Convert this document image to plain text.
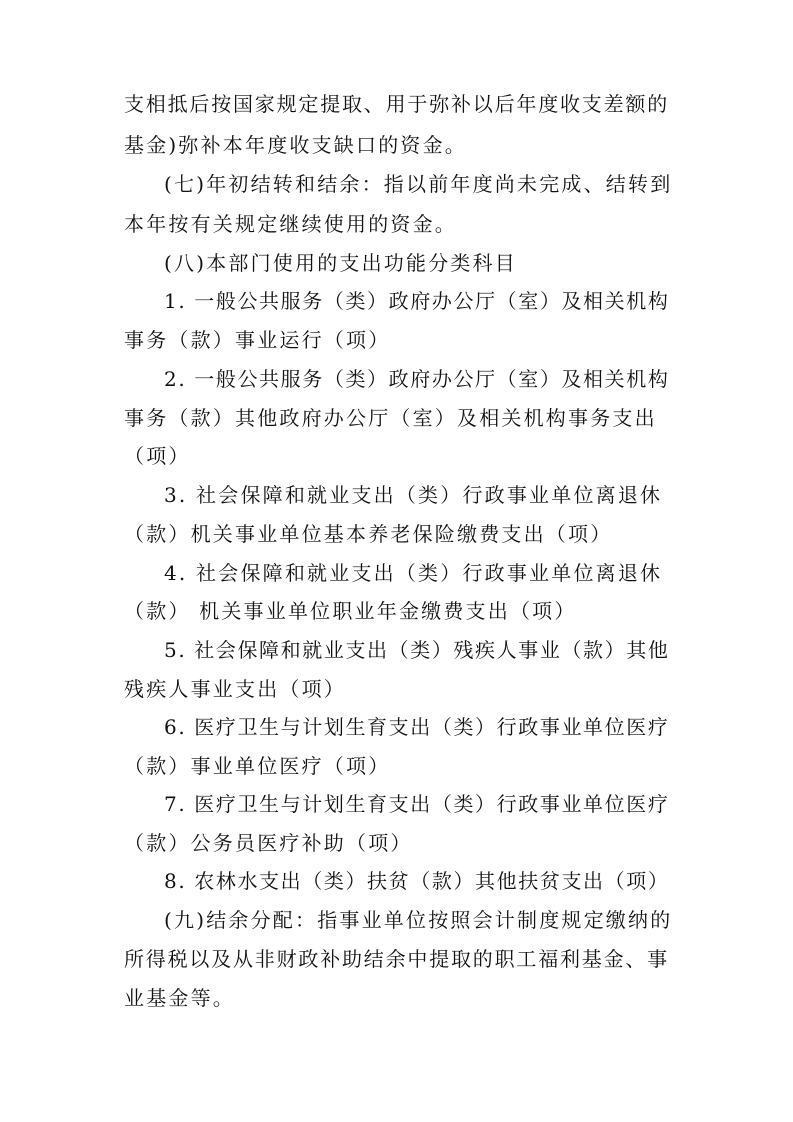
支相抵后按国家规定提取、用于弥补以后年度收支差额的
基金)弥补本年度收支缺口的资金。
(七)年初结转和结余：指以前年度尚未完成、结转到
本年按有关规定继续使用的资金。
(八)本部门使用的支出功能分类科目
1. 一般公共服务（类）政府办公厅（室）及相关机构
事务（款）事业运行（项）
2. 一般公共服务（类）政府办公厅（室）及相关机构
事务（款）其他政府办公厅（室）及相关机构事务支出
（项）
3. 社会保障和就业支出（类）行政事业单位离退休
（款）机关事业单位基本养老保险缴费支出（项）
4. 社会保障和就业支出（类）行政事业单位离退休
（款） 机关事业单位职业年金缴费支出（项）
5. 社会保障和就业支出（类）残疾人事业（款）其他
残疾人事业支出（项）
6. 医疗卫生与计划生育支出（类）行政事业单位医疗
（款）事业单位医疗（项）
7. 医疗卫生与计划生育支出（类）行政事业单位医疗
（款）公务员医疗补助（项）
8. 农林水支出（类）扶贫（款）其他扶贫支出（项）
(九)结余分配：指事业单位按照会计制度规定缴纳的
所得税以及从非财政补助结余中提取的职工福利基金、事
业基金等。
